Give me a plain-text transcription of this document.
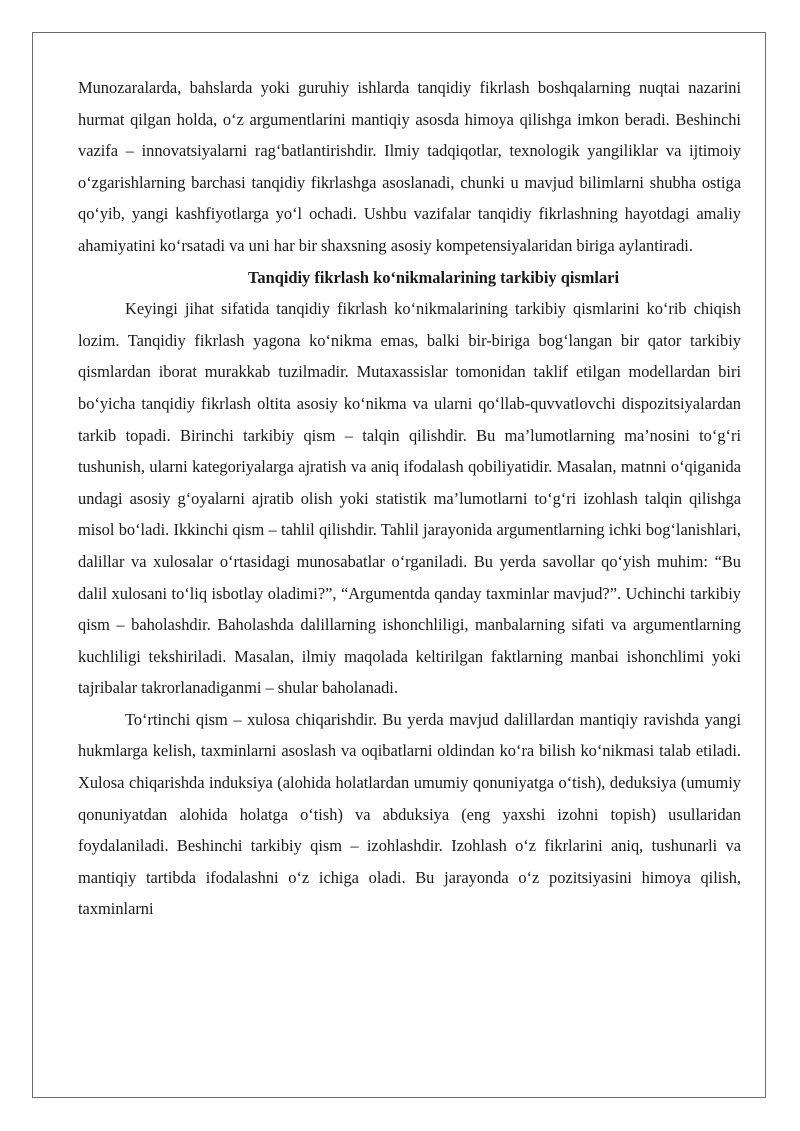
Munozaralarda, bahslarda yoki guruhiy ishlarda tanqidiy fikrlash boshqalarning nuqtai nazarini hurmat qilgan holda, o‘z argumentlarini mantiqiy asosda himoya qilishga imkon beradi. Beshinchi vazifa – innovatsiyalarni rag‘batlantirishdir. Ilmiy tadqiqotlar, texnologik yangiliklar va ijtimoiy o‘zgarishlarning barchasi tanqidiy fikrlashga asoslanadi, chunki u mavjud bilimlarni shubha ostiga qo‘yib, yangi kashfiyotlarga yo‘l ochadi. Ushbu vazifalar tanqidiy fikrlashning hayotdagi amaliy ahamiyatini ko‘rsatadi va uni har bir shaxsning asosiy kompetensiyalaridan biriga aylantiradi.

Tanqidiy fikrlash ko‘nikmalarining tarkibiy qismlari

Keyingi jihat sifatida tanqidiy fikrlash ko‘nikmalarining tarkibiy qismlarini ko‘rib chiqish lozim. Tanqidiy fikrlash yagona ko‘nikma emas, balki bir-biriga bog‘langan bir qator tarkibiy qismlardan iborat murakkab tuzilmadir. Mutaxassislar tomonidan taklif etilgan modellardan biri bo‘yicha tanqidiy fikrlash oltita asosiy ko‘nikma va ularni qo‘llab-quvvatlovchi dispozitsiyalardan tarkib topadi. Birinchi tarkibiy qism – talqin qilishdir. Bu ma’lumotlarning ma’nosini to‘g‘ri tushunish, ularni kategoriyalarga ajratish va aniq ifodalash qobiliyatidir. Masalan, matnni o‘qiganida undagi asosiy g‘oyalarni ajratib olish yoki statistik ma’lumotlarni to‘g‘ri izohlash talqin qilishga misol bo‘ladi. Ikkinchi qism – tahlil qilishdir. Tahlil jarayonida argumentlarning ichki bog‘lanishlari, dalillar va xulosalar o‘rtasidagi munosabatlar o‘rganiladi. Bu yerda savollar qo‘yish muhim: “Bu dalil xulosani to‘liq isbotlay oladimi?”, “Argumentda qanday taxminlar mavjud?”. Uchinchi tarkibiy qism – baholashdir. Baholashda dalillarning ishonchliligi, manbalarning sifati va argumentlarning kuchliligi tekshiriladi. Masalan, ilmiy maqolada keltirilgan faktlarning manbai ishonchlimi yoki tajribalar takrorlanadiganmi – shular baholanadi.

To‘rtinchi qism – xulosa chiqarishdir. Bu yerda mavjud dalillardan mantiqiy ravishda yangi hukmlarga kelish, taxminlarni asoslash va oqibatlarni oldindan ko‘ra bilish ko‘nikmasi talab etiladi. Xulosa chiqarishda induksiya (alohida holatlardan umumiy qonuniyatga o‘tish), deduksiya (umumiy qonuniyatdan alohida holatga o‘tish) va abduksiya (eng yaxshi izohni topish) usullaridan foydalaniladi. Beshinchi tarkibiy qism – izohlashdir. Izohlash o‘z fikrlarini aniq, tushunarli va mantiqiy tartibda ifodalashni o‘z ichiga oladi. Bu jarayonda o‘z pozitsiyasini himoya qilish, taxminlarni
